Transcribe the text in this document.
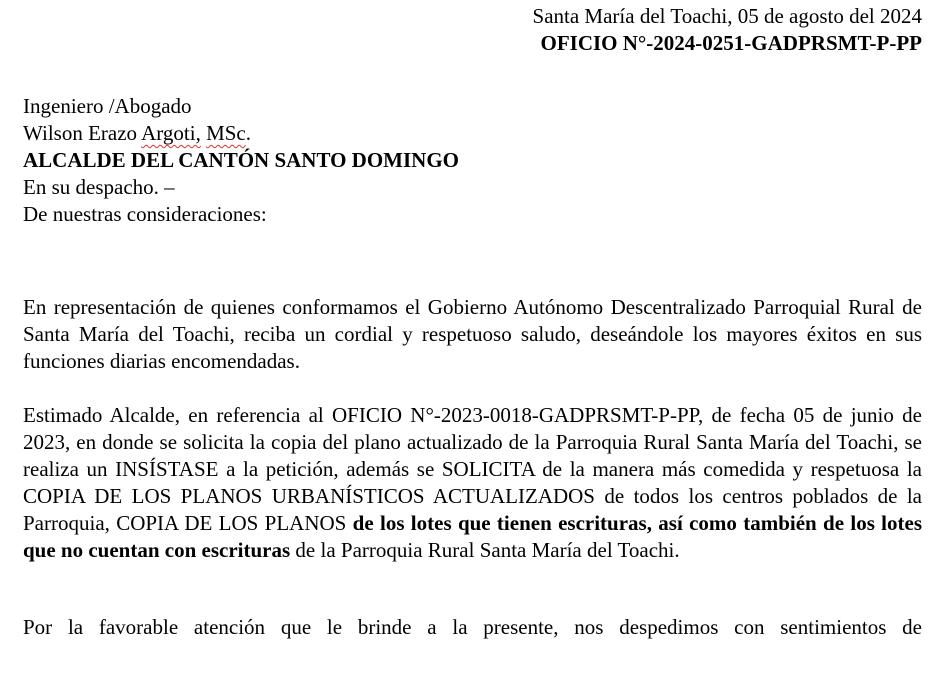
Santa María del Toachi, 05 de agosto del 2024

OFICIO N°-2024-0251-GADPRSMT-P-PP

Ingeniero /Abogado

Wilson Erazo Argoti, MSc.

ALCALDE DEL CANTÓN SANTO DOMINGO

En su despacho. –

De nuestras consideraciones:

En representación de quienes conformamos el Gobierno Autónomo Descentralizado Parroquial Rural de Santa María del Toachi, reciba un cordial y respetuoso saludo, deseándole los mayores éxitos en sus funciones diarias encomendadas.

Estimado Alcalde, en referencia al OFICIO N°-2023-0018-GADPRSMT-P-PP, de fecha 05 de junio de 2023, en donde se solicita la copia del plano actualizado de la Parroquia Rural Santa María del Toachi, se realiza un INSÍSTASE a la petición, además se SOLICITA de la manera más comedida y respetuosa la COPIA DE LOS PLANOS URBANÍSTICOS ACTUALIZADOS de todos los centros poblados de la Parroquia, COPIA DE LOS PLANOS de los lotes que tienen escrituras, así como también de los lotes que no cuentan con escrituras de la Parroquia Rural Santa María del Toachi.

Por la favorable atención que le brinde a la presente, nos despedimos con sentimientos de
